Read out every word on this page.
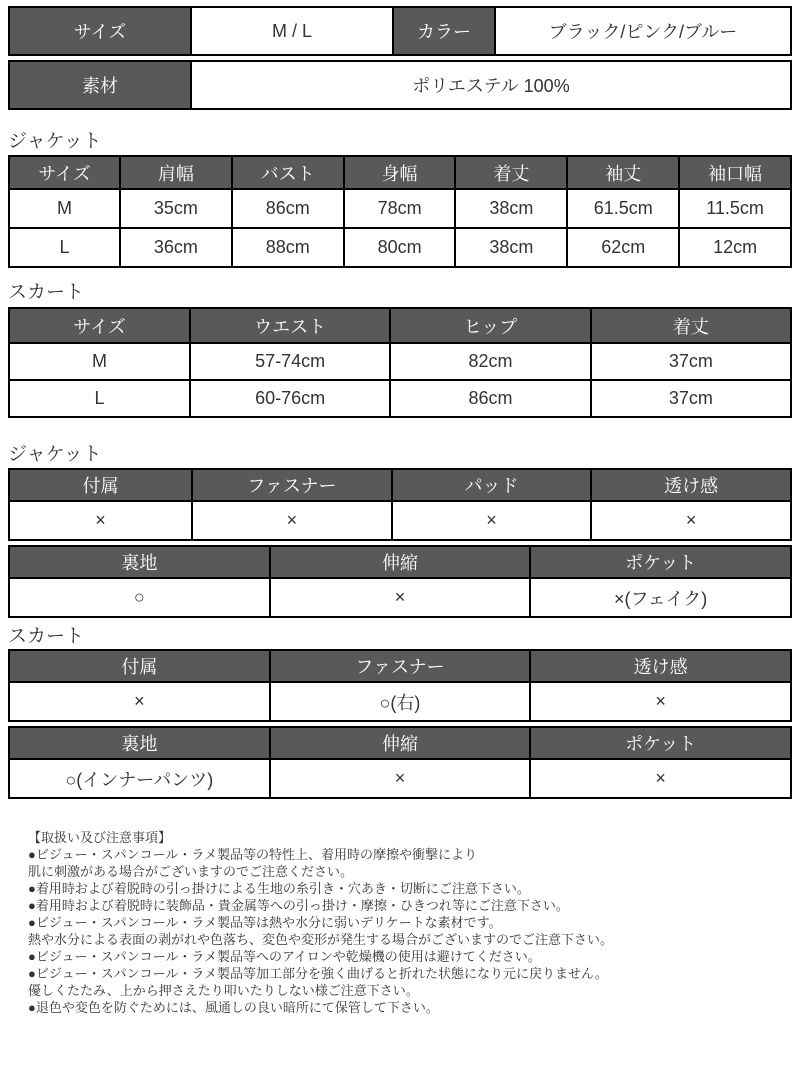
サイズ	M / L	カラー	ブラック/ピンク/ブルー
素材	ポリエステル 100%
ジャケット
サイズ	肩幅	バスト	身幅	着丈	袖丈	袖口幅
M	35cm	86cm	78cm	38cm	61.5cm	11.5cm
L	36cm	88cm	80cm	38cm	62cm	12cm
スカート
サイズ	ウエスト	ヒップ	着丈
M	57-74cm	82cm	37cm
L	60-76cm	86cm	37cm
ジャケット
付属	ファスナー	パッド	透け感
×	×	×	×
裏地	伸縮	ポケット
○	×	×(フェイク)
スカート
付属	ファスナー	透け感
×	○(右)	×
裏地	伸縮	ポケット
○(インナーパンツ)	×	×
【取扱い及び注意事項】
●ビジュー・スパンコール・ラメ製品等の特性上、着用時の摩擦や衝撃により
肌に刺激がある場合がございますのでご注意ください。
●着用時および着脱時の引っ掛けによる生地の糸引き・穴あき・切断にご注意下さい。
●着用時および着脱時に装飾品・貴金属等への引っ掛け・摩擦・ひきつれ等にご注意下さい。
●ビジュー・スパンコール・ラメ製品等は熱や水分に弱いデリケートな素材です。
熱や水分による表面の剥がれや色落ち、変色や変形が発生する場合がございますのでご注意下さい。
●ビジュー・スパンコール・ラメ製品等へのアイロンや乾燥機の使用は避けてください。
●ビジュー・スパンコール・ラメ製品等加工部分を強く曲げると折れた状態になり元に戻りません。
優しくたたみ、上から押さえたり叩いたりしない様ご注意下さい。
●退色や変色を防ぐためには、風通しの良い暗所にて保管して下さい。
